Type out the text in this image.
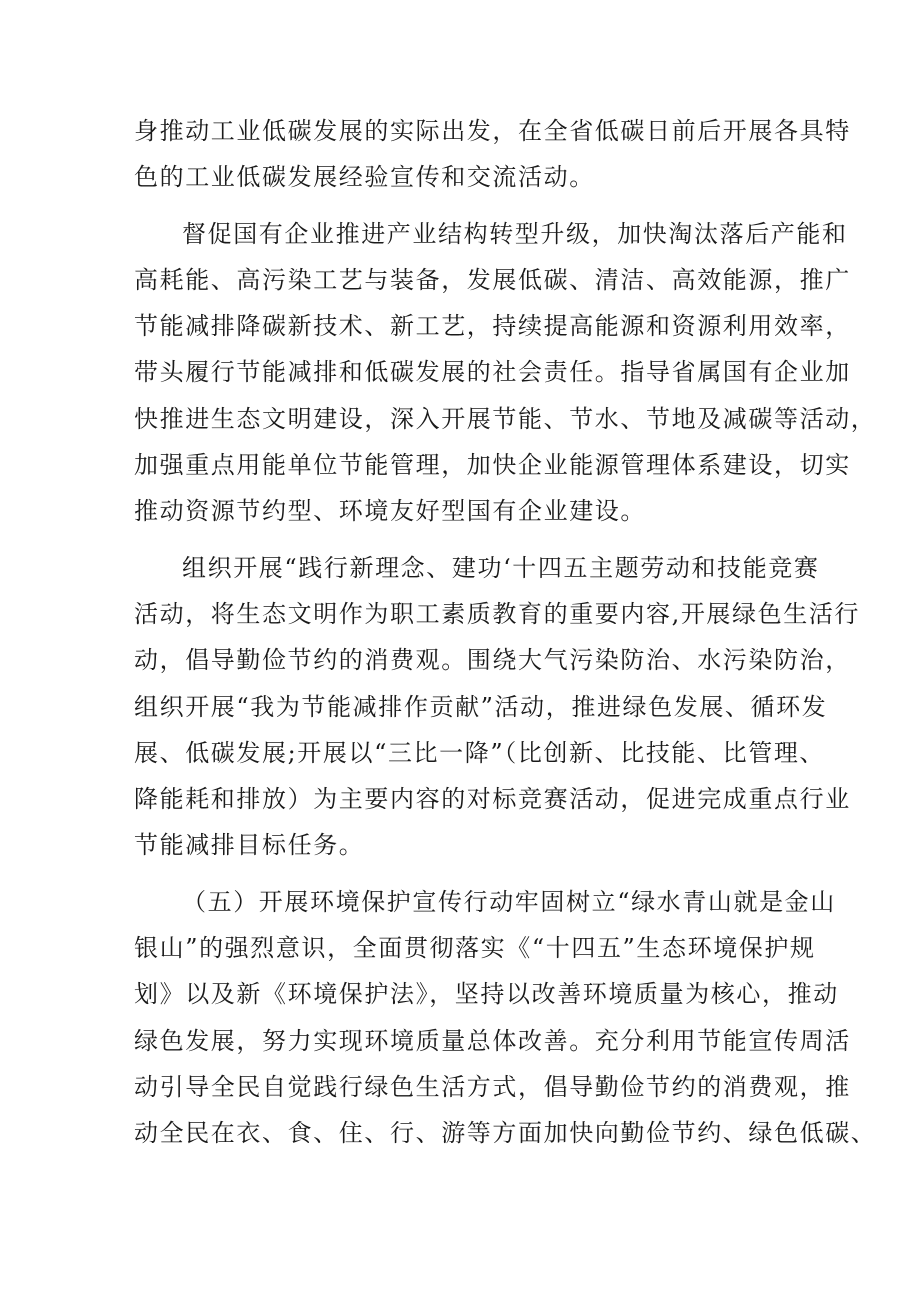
身推动工业低碳发展的实际出发，在全省低碳日前后开展各具特
色的工业低碳发展经验宣传和交流活动。
督促国有企业推进产业结构转型升级，加快淘汰落后产能和
高耗能、高污染工艺与装备，发展低碳、清洁、高效能源，推广
节能减排降碳新技术、新工艺，持续提高能源和资源利用效率，
带头履行节能减排和低碳发展的社会责任。指导省属国有企业加
快推进生态文明建设，深入开展节能、节水、节地及减碳等活动，
加强重点用能单位节能管理，加快企业能源管理体系建设，切实
推动资源节约型、环境友好型国有企业建设。
组织开展“践行新理念、建功‘十四五主题劳动和技能竞赛
活动，将生态文明作为职工素质教育的重要内容,开展绿色生活行
动，倡导勤俭节约的消费观。围绕大气污染防治、水污染防治，
组织开展“我为节能减排作贡献”活动，推进绿色发展、循环发
展、低碳发展;开展以“三比一降”（比创新、比技能、比管理、
降能耗和排放）为主要内容的对标竞赛活动，促进完成重点行业
节能减排目标任务。
（五）开展环境保护宣传行动牢固树立“绿水青山就是金山
银山”的强烈意识，全面贯彻落实《“十四五”生态环境保护规
划》以及新《环境保护法》，坚持以改善环境质量为核心，推动
绿色发展，努力实现环境质量总体改善。充分利用节能宣传周活
动引导全民自觉践行绿色生活方式，倡导勤俭节约的消费观，推
动全民在衣、食、住、行、游等方面加快向勤俭节约、绿色低碳、
